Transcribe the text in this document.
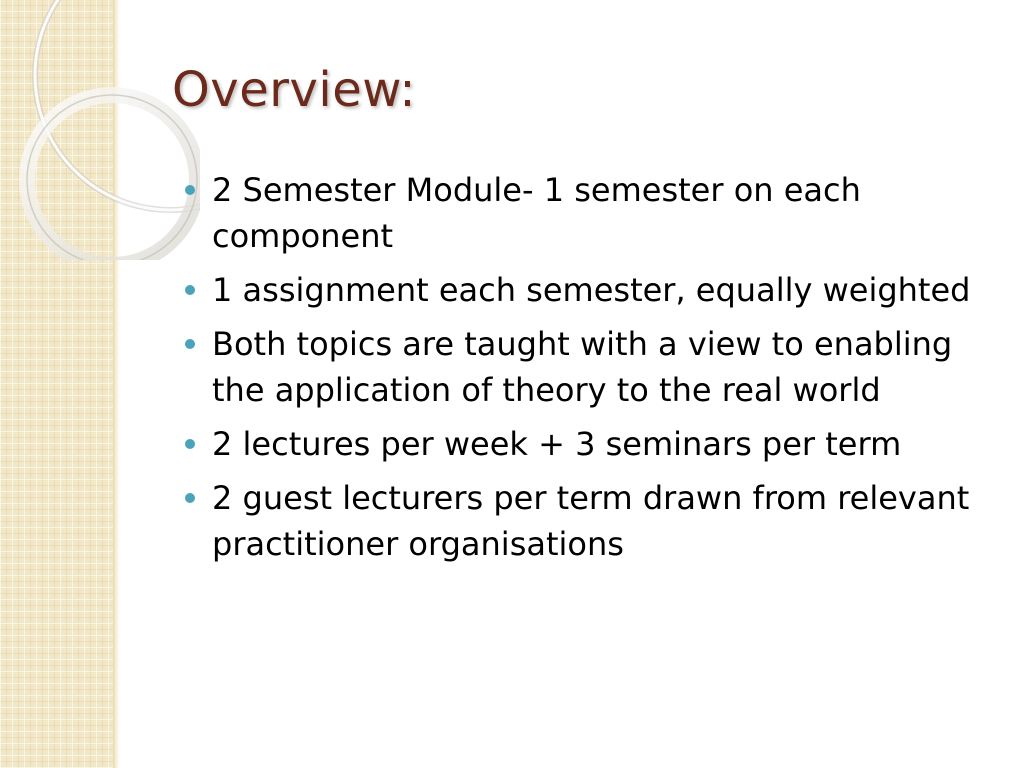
Overview:
2 Semester Module- 1 semester on each component
1 assignment each semester, equally weighted
Both topics are taught with a view to enabling the application of theory to the real world
2 lectures per week + 3 seminars per term
2 guest lecturers per term drawn from relevant practitioner organisations
